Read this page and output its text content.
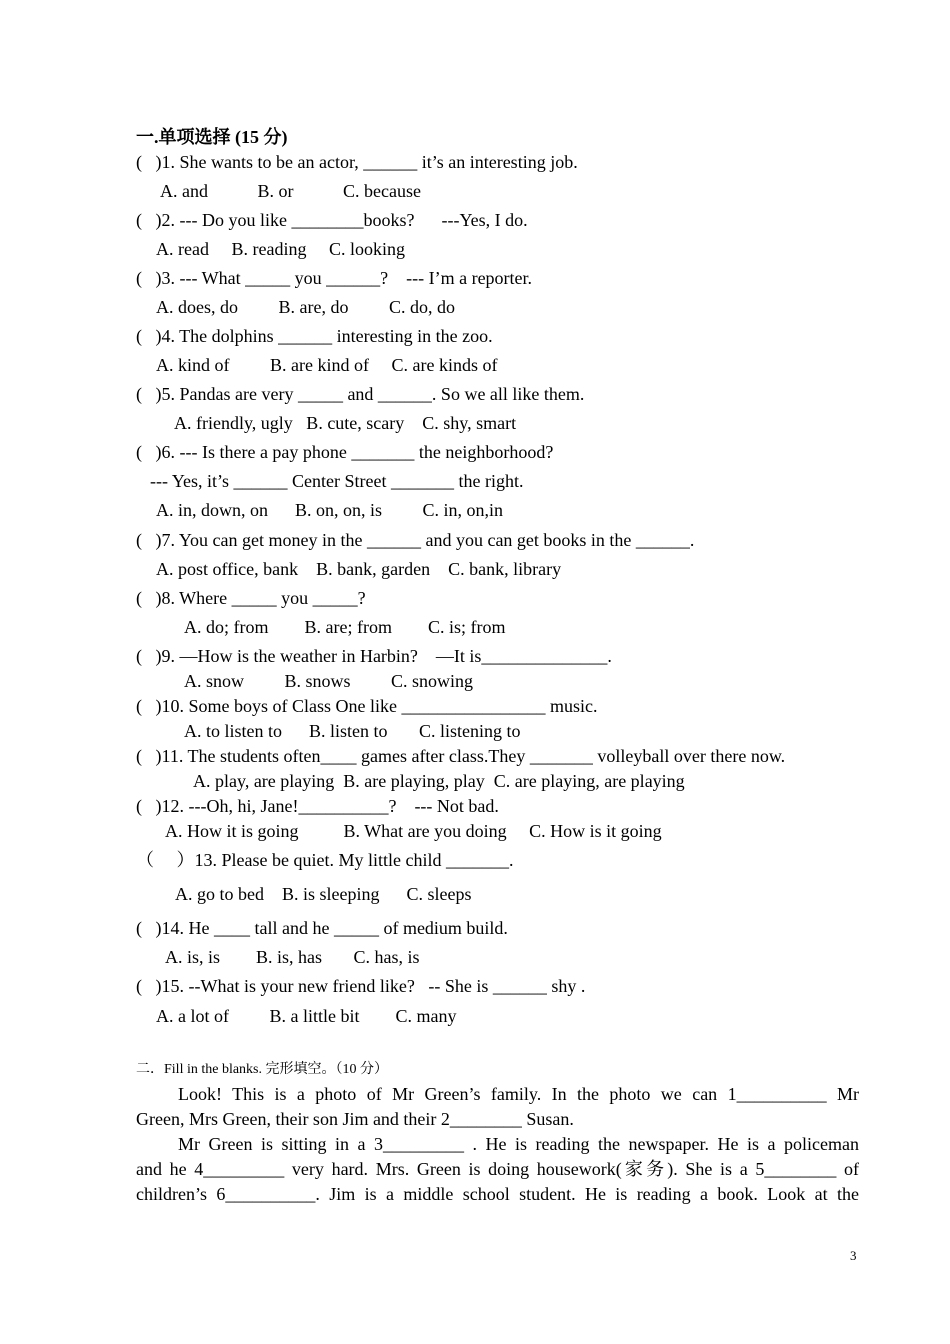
一.单项选择 (15 分)
(   )1. She wants to be an actor, ______ it’s an interesting job.
A. and           B. or           C. because
(   )2. --- Do you like ________books?      ---Yes, I do.
A. read     B. reading     C. looking
(   )3. --- What _____ you ______?    --- I’m a reporter.
A. does, do         B. are, do         C. do, do
(   )4. The dolphins ______ interesting in the zoo.
A. kind of         B. are kind of     C. are kinds of
(   )5. Pandas are very _____ and ______. So we all like them.
A. friendly, ugly   B. cute, scary    C. shy, smart
(   )6. --- Is there a pay phone _______ the neighborhood?
--- Yes, it’s ______ Center Street _______ the right.
A. in, down, on      B. on, on, is         C. in, on,in
(   )7. You can get money in the ______ and you can get books in the ______.
A. post office, bank    B. bank, garden    C. bank, library
(   )8. Where _____ you _____?
A. do; from        B. are; from        C. is; from
(   )9. —How is the weather in Harbin?    —It is______________.
A. snow         B. snows         C. snowing
(   )10. Some boys of Class One like ________________ music.
A. to listen to      B. listen to       C. listening to
(   )11. The students often____ games after class.They _______ volleyball over there now.
A. play, are playing  B. are playing, play  C. are playing, are playing
(   )12. ---Oh, hi, Jane!__________?    --- Not bad.
A. How it is going          B. What are you doing     C. How is it going
（     ）13. Please be quiet. My little child _______.
A. go to bed    B. is sleeping      C. sleeps
(   )14. He ____ tall and he _____ of medium build.
A. is, is        B. is, has       C. has, is
(   )15. --What is your new friend like?   -- She is ______ shy .
A. a lot of         B. a little bit        C. many
二．Fill in the blanks. 完形填空。（10 分）
Look! This is a photo of Mr Green’s family. In the photo we can 1__________ Mr
Green, Mrs Green, their son Jim and their 2________ Susan.
Mr Green is sitting in a 3_________ . He is reading the newspaper. He is a policeman
and he 4_________ very hard. Mrs. Green is doing housework(家务). She is a 5________ of
children’s 6__________. Jim is a middle school student. He is reading a book. Look at the
3
